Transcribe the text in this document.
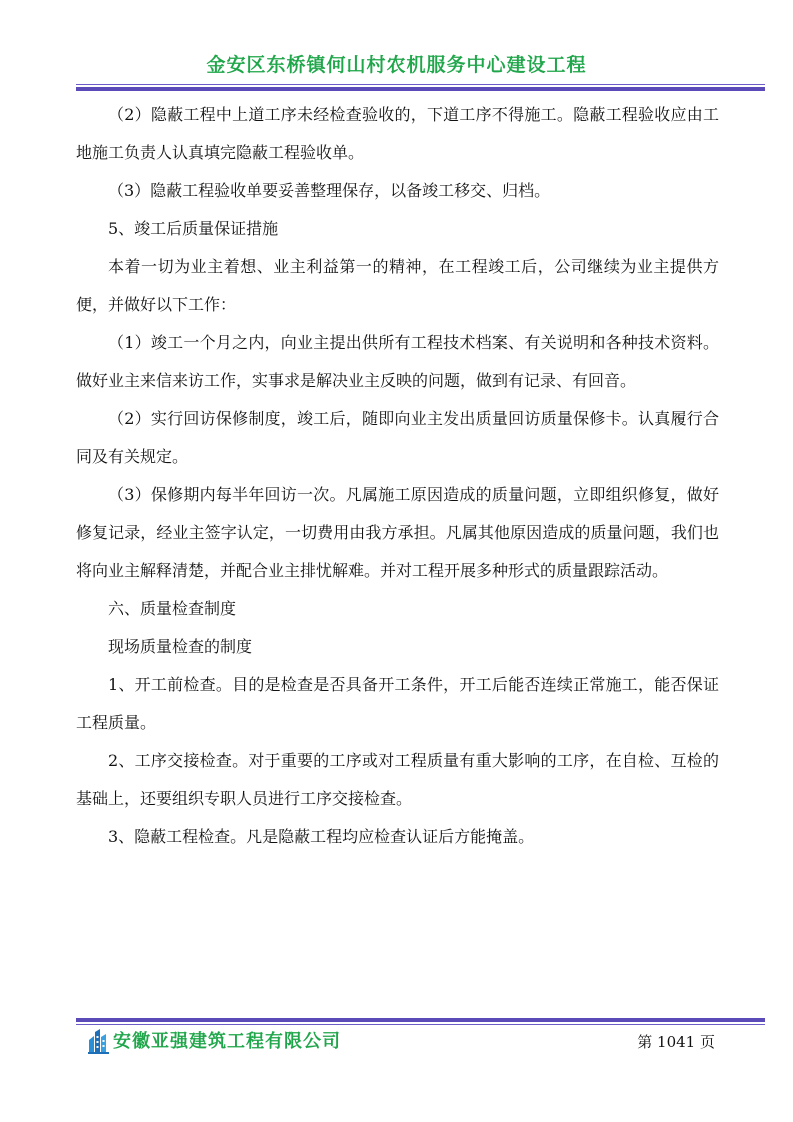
金安区东桥镇何山村农机服务中心建设工程

（2）隐蔽工程中上道工序未经检查验收的，下道工序不得施工。隐蔽工程验收应由工地施工负责人认真填完隐蔽工程验收单。

（3）隐蔽工程验收单要妥善整理保存，以备竣工移交、归档。

5、竣工后质量保证措施

本着一切为业主着想、业主利益第一的精神，在工程竣工后，公司继续为业主提供方便，并做好以下工作：

（1）竣工一个月之内，向业主提出供所有工程技术档案、有关说明和各种技术资料。做好业主来信来访工作，实事求是解决业主反映的问题，做到有记录、有回音。

（2）实行回访保修制度，竣工后，随即向业主发出质量回访质量保修卡。认真履行合同及有关规定。

（3）保修期内每半年回访一次。凡属施工原因造成的质量问题，立即组织修复，做好修复记录，经业主签字认定，一切费用由我方承担。凡属其他原因造成的质量问题，我们也将向业主解释清楚，并配合业主排忧解难。并对工程开展多种形式的质量跟踪活动。

六、质量检查制度

现场质量检查的制度

1、开工前检查。目的是检查是否具备开工条件，开工后能否连续正常施工，能否保证工程质量。

2、工序交接检查。对于重要的工序或对工程质量有重大影响的工序，在自检、互检的基础上，还要组织专职人员进行工序交接检查。

3、隐蔽工程检查。凡是隐蔽工程均应检查认证后方能掩盖。

安徽亚强建筑工程有限公司	第 1041 页
